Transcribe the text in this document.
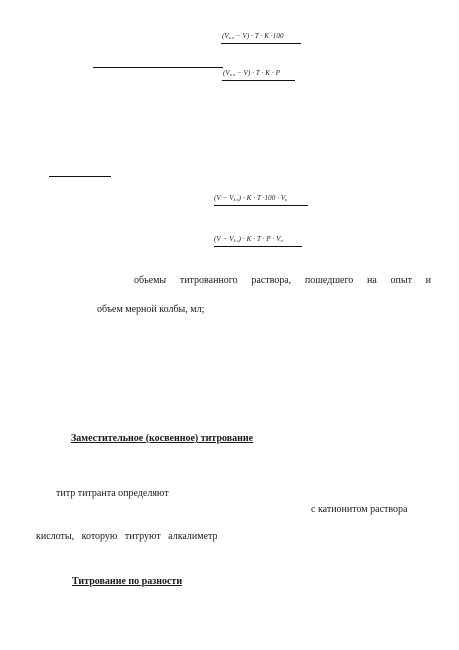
$(V_{к.о} - V) \cdot T \cdot K \cdot 100$
$(V_{к.о} - V) \cdot T \cdot K \cdot P$
$(V - V_{k.o}) \cdot K \cdot T \cdot 100 \cdot V_к$
$(V - V_{k.o}) \cdot K \cdot T \cdot P \cdot V_п$
обьемы титрованного раствора, пошедшего на опыт и
объем мерной колбы, мл;
Заместительное (косвенное) титрование
титр титранта определяют
с катионитом раствора
кислоты,   которую   титруют   алкалиметр
Титрование по разности
